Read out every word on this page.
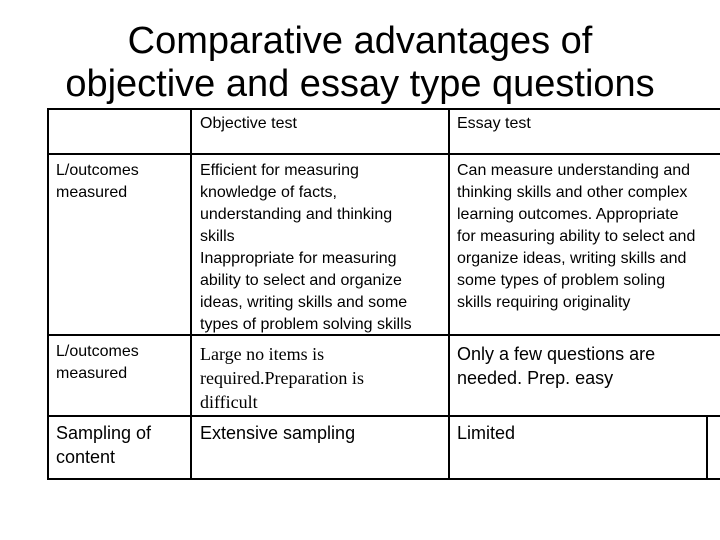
Comparative advantages of
objective and essay type questions
Objective test	Essay test
L/outcomes
measured
Efficient for measuring
knowledge of facts,
understanding and thinking
skills
Inappropriate for measuring
ability to select and organize
ideas, writing skills and some
types of problem solving skills
Can measure understanding and
thinking skills and other complex
learning outcomes. Appropriate
for measuring ability to select and
organize ideas, writing skills and
some types of problem soling
skills requiring originality
L/outcomes
measured
Large no items is
required.Preparation is
difficult
Only a few questions are
needed. Prep. easy
Sampling of
content
Extensive sampling	Limited
